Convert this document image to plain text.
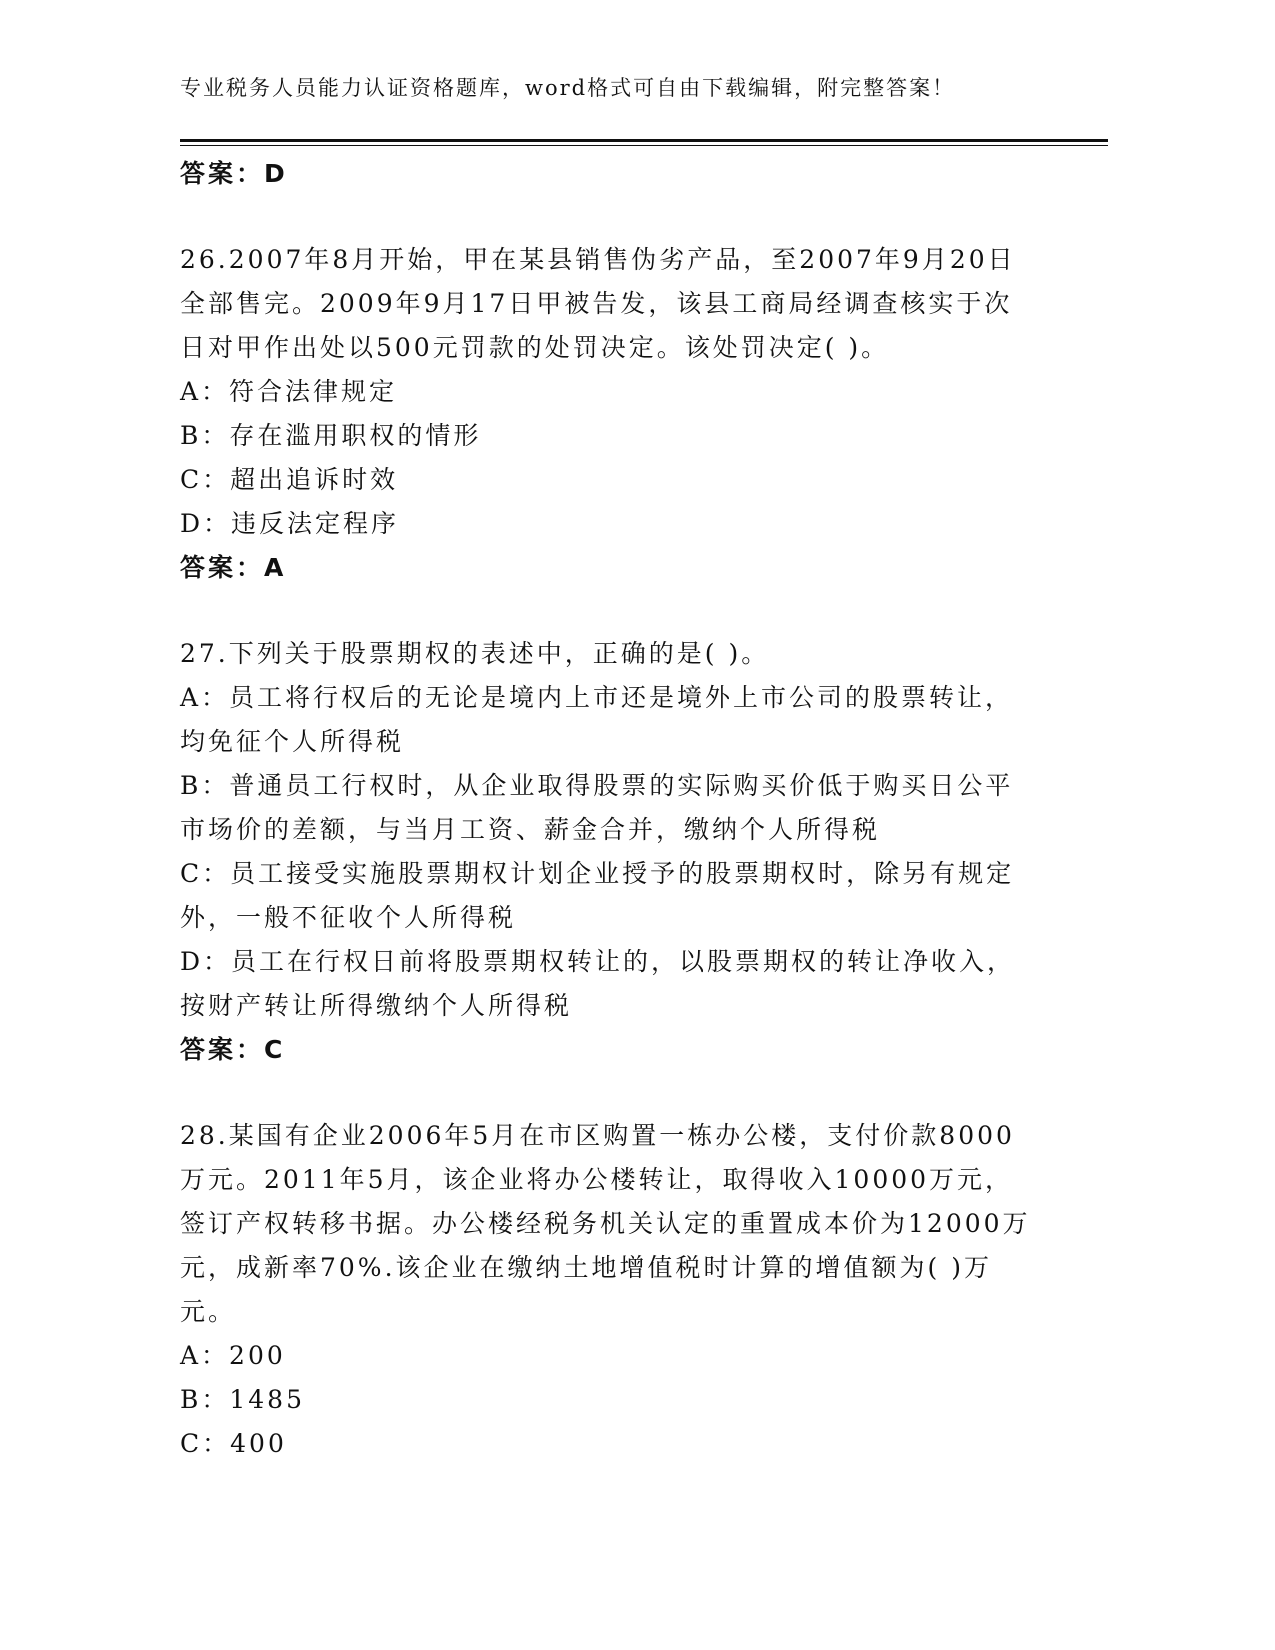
专业税务人员能力认证资格题库，word格式可自由下载编辑，附完整答案！

答案：D

26.2007年8月开始，甲在某县销售伪劣产品，至2007年9月20日全部售完。2009年9月17日甲被告发，该县工商局经调查核实于次日对甲作出处以500元罚款的处罚决定。该处罚决定( )。

A：符合法律规定

B：存在滥用职权的情形

C：超出追诉时效

D：违反法定程序

答案：A

27.下列关于股票期权的表述中，正确的是( )。

A：员工将行权后的无论是境内上市还是境外上市公司的股票转让，均免征个人所得税

B：普通员工行权时，从企业取得股票的实际购买价低于购买日公平市场价的差额，与当月工资、薪金合并，缴纳个人所得税

C：员工接受实施股票期权计划企业授予的股票期权时，除另有规定外，一般不征收个人所得税

D：员工在行权日前将股票期权转让的，以股票期权的转让净收入，按财产转让所得缴纳个人所得税

答案：C

28.某国有企业2006年5月在市区购置一栋办公楼，支付价款8000万元。2011年5月，该企业将办公楼转让，取得收入10000万元，签订产权转移书据。办公楼经税务机关认定的重置成本价为12000万元，成新率70%.该企业在缴纳土地增值税时计算的增值额为( )万元。

A：200

B：1485

C：400
